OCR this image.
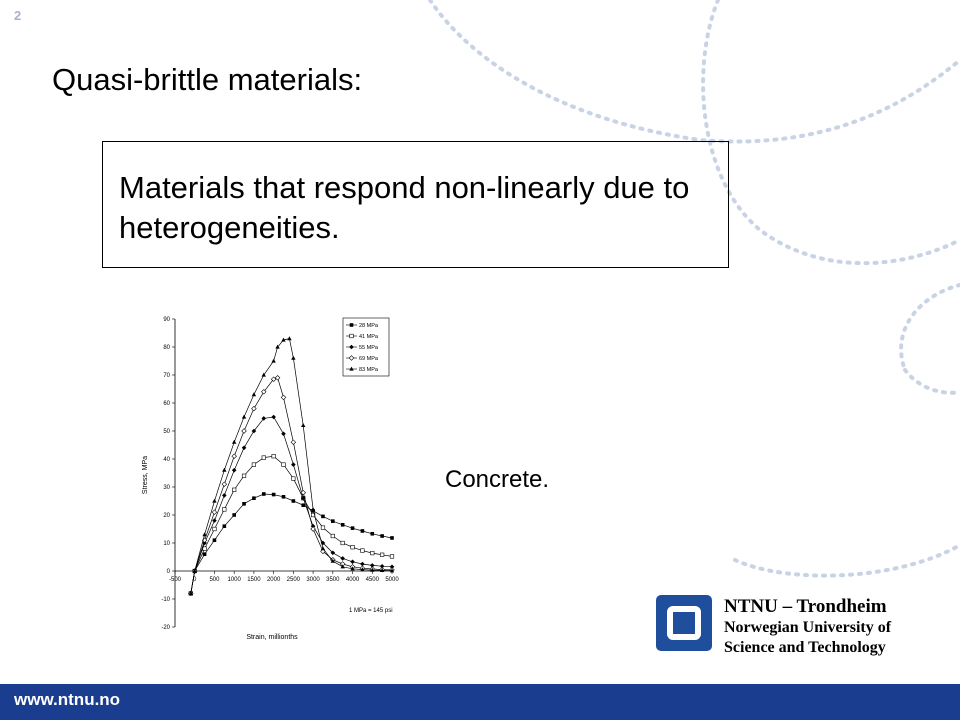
2
Quasi-brittle materials:
Materials that respond non-linearly due to heterogeneities.
-20
-10
0
10
20
30
40
50
60
70
80
90
-500 0 500 1000 1500 2000 2500 3000 3500 4000 4500 5000
28 MPa
41 MPa
55 MPa
69 MPa
83 MPa
Stress, MPa
Strain, millionths
1 MPa = 145 psi
Concrete.
NTNU – Trondheim
Norwegian University of
Science and Technology
www.ntnu.no
